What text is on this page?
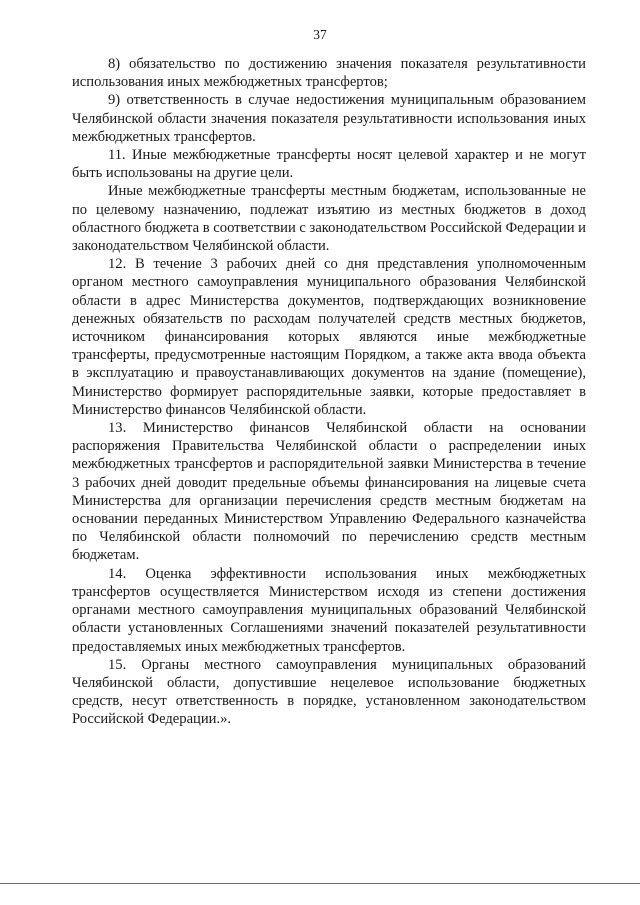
37

8) обязательство по достижению значения показателя результативности использования иных межбюджетных трансфертов;

9) ответственность в случае недостижения муниципальным образованием Челябинской области значения показателя результативности использования иных межбюджетных трансфертов.

11. Иные межбюджетные трансферты носят целевой характер и не могут быть использованы на другие цели.

Иные межбюджетные трансферты местным бюджетам, использованные не по целевому назначению, подлежат изъятию из местных бюджетов в доход областного бюджета в соответствии с законодательством Российской Федерации и законодательством Челябинской области.

12. В течение 3 рабочих дней со дня представления уполномоченным органом местного самоуправления муниципального образования Челябинской области в адрес Министерства документов, подтверждающих возникновение денежных обязательств по расходам получателей средств местных бюджетов, источником финансирования которых являются иные межбюджетные трансферты, предусмотренные настоящим Порядком, а также акта ввода объекта в эксплуатацию и правоустанавливающих документов на здание (помещение), Министерство формирует распорядительные заявки, которые предоставляет в Министерство финансов Челябинской области.

13. Министерство финансов Челябинской области на основании распоряжения Правительства Челябинской области о распределении иных межбюджетных трансфертов и распорядительной заявки Министерства в течение 3 рабочих дней доводит предельные объемы финансирования на лицевые счета Министерства для организации перечисления средств местным бюджетам на основании переданных Министерством Управлению Федерального казначейства по Челябинской области полномочий по перечислению средств местным бюджетам.

14. Оценка эффективности использования иных межбюджетных трансфертов осуществляется Министерством исходя из степени достижения органами местного самоуправления муниципальных образований Челябинской области установленных Соглашениями значений показателей результативности предоставляемых иных межбюджетных трансфертов.

15. Органы местного самоуправления муниципальных образований Челябинской области, допустившие нецелевое использование бюджетных средств, несут ответственность в порядке, установленном законодательством Российской Федерации.».
